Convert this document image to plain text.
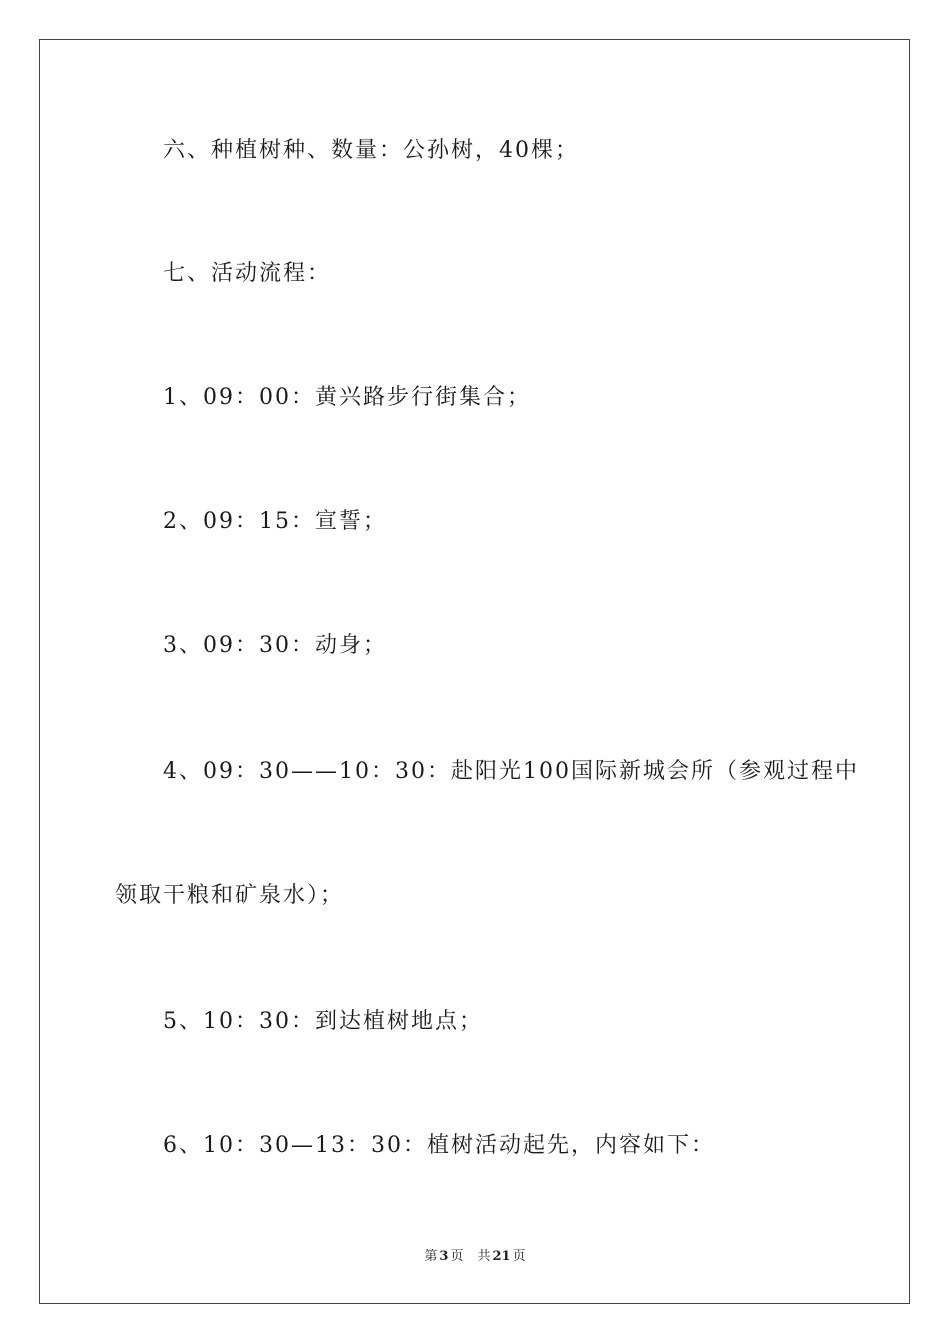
六、种植树种、数量：公孙树，40棵；
七、活动流程：
1、09：00：黄兴路步行街集合；
2、09：15：宣誓；
3、09：30：动身；
4、09：30——10：30：赴阳光100国际新城会所（参观过程中
领取干粮和矿泉水）；
5、10：30：到达植树地点；
6、10：30—13：30：植树活动起先，内容如下：
第 3 页 共 21 页
